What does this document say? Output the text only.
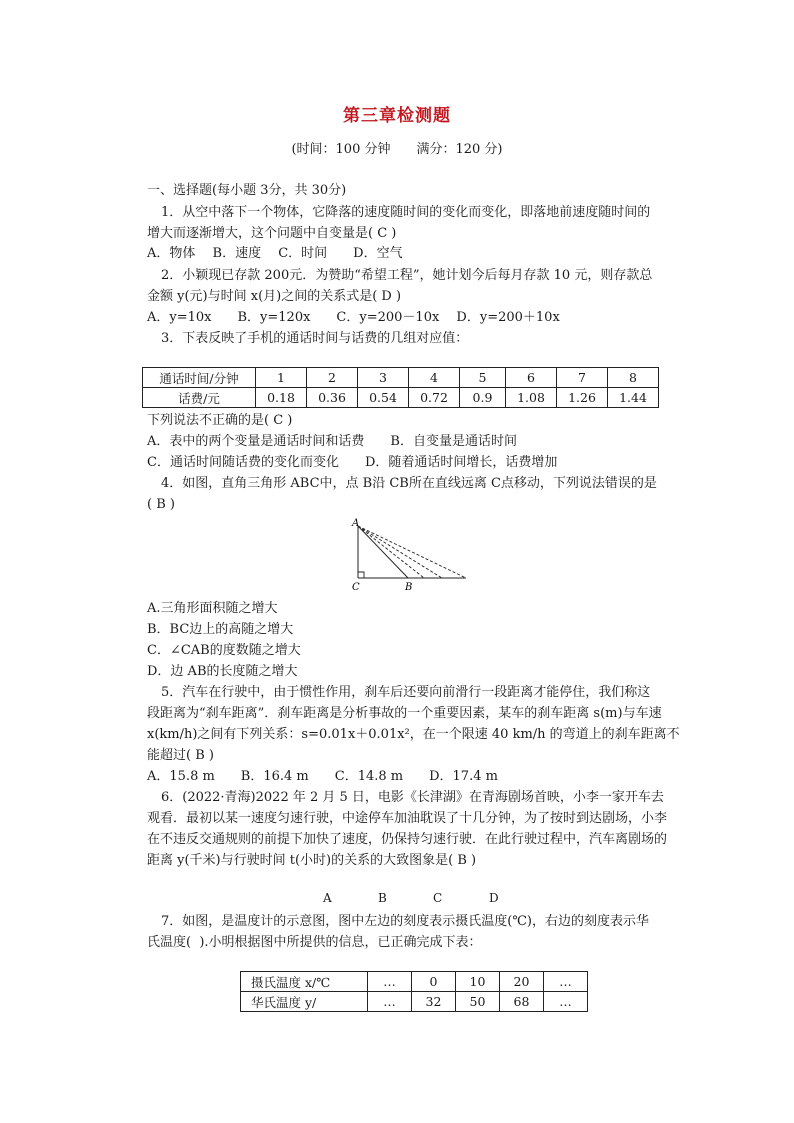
第三章检测题
(时间：100 分钟　　满分：120 分)
一、选择题(每小题 3分，共 30分)
1．从空中落下一个物体，它降落的速度随时间的变化而变化，即落地前速度随时间的
增大而逐渐增大，这个问题中自变量是( C )
A．物体　 B．速度　 C．时间　　D．空气
2．小颖现已存款 200元．为赞助“希望工程”，她计划今后每月存款 10 元，则存款总
金额 y(元)与时间 x(月)之间的关系式是( D )
A．y=10x　　B．y=120x　　C．y=200－10x　 D．y=200＋10x
3．下表反映了手机的通话时间与话费的几组对应值：
通话时间/分钟	1	2	3	4	5	6	7	8
话费/元	0.18	0.36	0.54	0.72	0.9	1.08	1.26	1.44
下列说法不正确的是( C )
A．表中的两个变量是通话时间和话费　　B．自变量是通话时间
C．通话时间随话费的变化而变化　　D．随着通话时间增长，话费增加
4．如图，直角三角形 ABC中，点 B沿 CB所在直线远离 C点移动，下列说法错误的是
( B )
A
C	B
A.三角形面积随之增大
B．BC边上的高随之增大
C．∠CAB的度数随之增大
D．边 AB的长度随之增大
5．汽车在行驶中，由于惯性作用，刹车后还要向前滑行一段距离才能停住，我们称这
段距离为“刹车距离”．刹车距离是分析事故的一个重要因素，某车的刹车距离 s(m)与车速
x(km/h)之间有下列关系：s=0.01x＋0.01x²，在一个限速 40 km/h 的弯道上的刹车距离不
能超过( B )
A．15.8 m　　B．16.4 m　　C．14.8 m　　D．17.4 m
6．(2022·青海)2022 年 2 月 5 日，电影《长津湖》在青海剧场首映，小李一家开车去
观看．最初以某一速度匀速行驶，中途停车加油耽误了十几分钟，为了按时到达剧场，小李
在不违反交通规则的前提下加快了速度，仍保持匀速行驶．在此行驶过程中，汽车离剧场的
距离 y(千米)与行驶时间 t(小时)的关系的大致图象是( B )
A	B	C	D
7．如图，是温度计的示意图，图中左边的刻度表示摄氏温度(℃)，右边的刻度表示华
氏温度(  ).小明根据图中所提供的信息，已正确完成下表：
摄氏温度 x/℃	…	0	10	20	…
华氏温度 y/	…	32	50	68	…
